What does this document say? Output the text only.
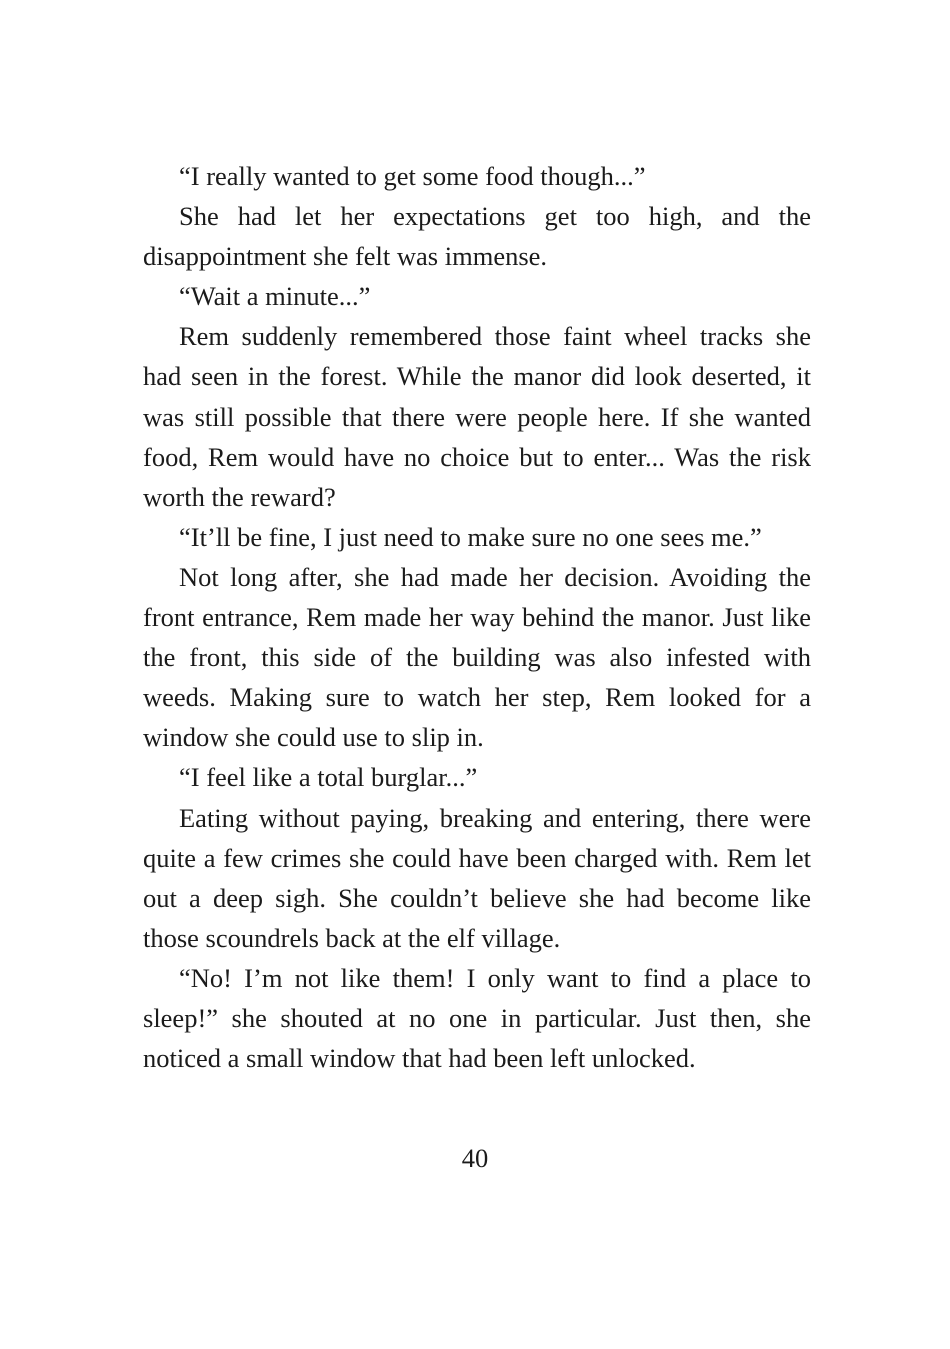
“I really wanted to get some food though...”

She had let her expectations get too high, and the disappointment she felt was immense.

“Wait a minute...”

Rem suddenly remembered those faint wheel tracks she had seen in the forest. While the manor did look deserted, it was still possible that there were people here. If she wanted food, Rem would have no choice but to enter... Was the risk worth the reward?

“It’ll be fine, I just need to make sure no one sees me.”

Not long after, she had made her decision. Avoiding the front entrance, Rem made her way behind the manor. Just like the front, this side of the building was also infested with weeds. Making sure to watch her step, Rem looked for a window she could use to slip in.

“I feel like a total burglar...”

Eating without paying, breaking and entering, there were quite a few crimes she could have been charged with. Rem let out a deep sigh. She couldn’t believe she had become like those scoundrels back at the elf village.

“No! I’m not like them! I only want to find a place to sleep!” she shouted at no one in particular. Just then, she noticed a small window that had been left unlocked.

40
